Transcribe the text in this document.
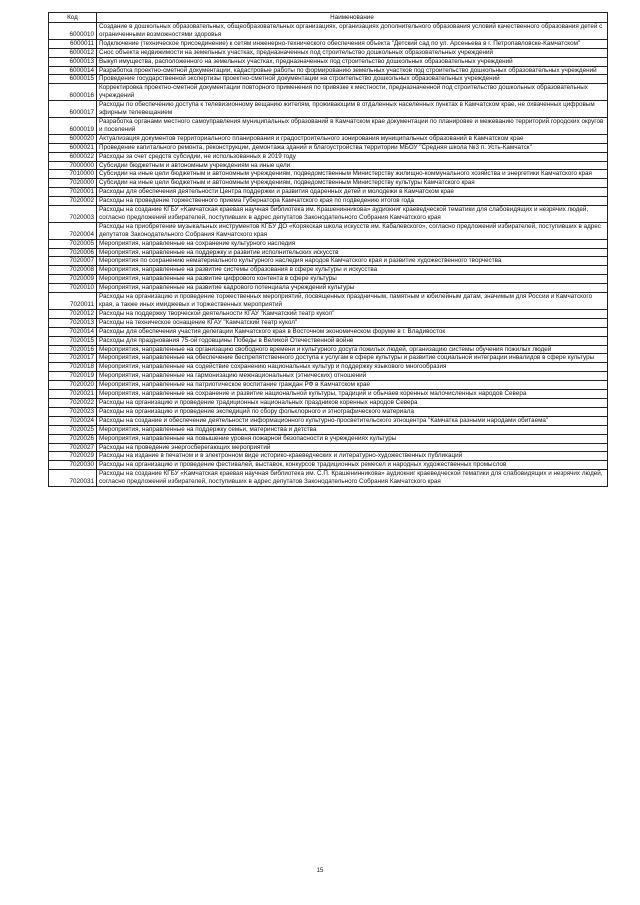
Код	Наименование
6000010	Создание в дошкольных образовательных, общеобразовательных организациях, организациях дополнительного образования условий качественного образования детей с ограниченными возможностями здоровья
6000011	Подключение (техническое присоединение) к сетям инженерно-технического обеспечения объекта "Детский сад по ул. Арсеньева в г. Петропавловске-Камчатском"
6000012	Снос объекта недвижимости на земельных участках, предназначенных под строительство дошкольных образовательных учреждений
6000013	Выкуп имущества, расположенного на земельных участках, предназначенных под строительство дошкольных образовательных учреждений
6000014	Разработка проектно-сметной документации, кадастровые работы по формированию земельных участков под строительство дошкольных образовательных учреждений
6000015	Проведение государственной экспертизы проектно-сметной документации на строительство дошкольных образовательных учреждений
6000016	Корректировка проектно-сметной документации повторного применения по привязке к местности, предназначенной под строительство дошкольных образовательных учреждений
6000017	Расходы по обеспечению доступа к телевизионному вещанию жителям, проживающим в отдаленных населенных пунктах в Камчатском крае, не охваченных цифровым эфирным телевещанием
6000019	Разработка органами местного самоуправления муниципальных образований в Камчатском крае документации по планировке и межеванию территорий городских округов и поселений
6000020	Актуализация документов территориального планирования и градостроительного зонирования муниципальных образований в Камчатском крае
6000021	Проведение капитального ремонта, реконструкции, демонтажа зданий и благоустройства территории МБОУ "Средняя школа №3 п. Усть-Камчатск"
6000022	Расходы за счет средств субсидии, не использованных в 2019 году
7000000	Субсидии бюджетным и автономным учреждениям на иные цели
7010000	Субсидии на иные цели бюджетным и автономным учреждениям, подведомственным Министерству жилищно-коммунального хозяйства и энергетики Камчатского края
7020000	Субсидии на иные цели бюджетным и автономным учреждениям, подведомственным Министерству культуры Камчатского края
7020001	Расходы для обеспечения деятельности Центра поддержки и развития одаренных детей и молодежи в Камчатском крае
7020002	Расходы на проведение торжественного приема Губернатора Камчатского края по подведению итогов года
7020003	Расходы на создание КГБУ «Камчатская краевая научная библиотека им. Крашенинникова» аудиокниг краеведческой тематики для слабовидящих и незрячих людей, согласно предложений избирателей, поступивших в адрес депутатов Законодательного Собрания Камчатского края
7020004	Расходы на приобретение музыкальных инструментов КГБУ ДО «Корякская школа искусств им. Кабалевского», согласно предложений избирателей, поступивших в адрес депутатов Законодательного Собрания Камчатского края
7020005	Мероприятия, направленные на сохранение культурного наследия
7020006	Мероприятия, направленные на поддержку и развитие исполнительских искусств
7020007	Мероприятия по сохранению нематериального культурного наследия народов Камчатского края и развитие художественного творчества
7020008	Мероприятия, направленные на развитие системы образования в сфере культуры и искусства
7020009	Мероприятия, направленные на развитие цифрового контента в сфере культуры
7020010	Мероприятия, направленные на развитие кадрового потенциала учреждений культуры
7020011	Расходы на организацию и проведение торжественных мероприятий, посвященных праздничным, памятным и юбилейным датам, значимым для России и Камчатского края, а также иных имиджевых и торжественных мероприятий
7020012	Расходы на поддержку творческой деятельности КГАУ "Камчатский театр кукол"
7020013	Расходы на техническое оснащение КГАУ "Камчатский театр кукол"
7020014	Расходы для обеспечения участия делегации Камчатского края в Восточном экономическом форуме в г. Владивосток
7020015	Расходы для празднования 75-ой годовщины Победы в Великой Отечественной войне
7020016	Мероприятия, направленные на организацию свободного времени и культурного досуга пожилых людей, организацию системы обучения пожилых людей
7020017	Мероприятия, направленные на обеспечение беспрепятственного доступа к услугам в сфере культуры и развитие социальной интеграции инвалидов в сфере культуры
7020018	Мероприятия, направленные на содействие сохранению национальных культур и поддержку языкового многообразия
7020019	Мероприятия, направленные на гармонизацию межнациональных (этнических) отношений
7020020	Мероприятия, направленные на патриотическое воспитание граждан РФ в Камчатском крае
7020021	Мероприятия, направленные на сохранение и развитие национальной культуры, традиций и обычаев коренных малочисленных народов Севера
7020022	Расходы на организацию и проведение традиционных национальных праздников коренных народов Севера
7020023	Расходы на организацию и проведение экспедиций по сбору фольклорного и этнографического материала
7020024	Расходы на создание и обеспечение деятельности информационного культурно-просветительского этноцентра "Камчатка разными народами обитаема"
7020025	Мероприятия, направленные на поддержку семьи, материнства и детства
7020026	Мероприятия, направленные на повышение уровня пожарной безопасности в учреждениях культуры
7020027	Расходы на проведение энергосберегающих мероприятий
7020029	Расходы на издание в печатном и в электронном виде историко-краеведческих и литературно-художественных публикаций
7020030	Расходы на организацию и проведение фестивалей, выставок, конкурсов традиционных ремесел и народных художественных промыслов
7020031	Расходы на создание КГБУ «Камчатская краевая научная библиотека им. С.П. Крашенинникова» аудиокниг краеведческой тематики для слабовидящих и незрячих людей, согласно предложений избирателей, поступивших в адрес депутатов Законодательного Собрания Камчатского края
15
